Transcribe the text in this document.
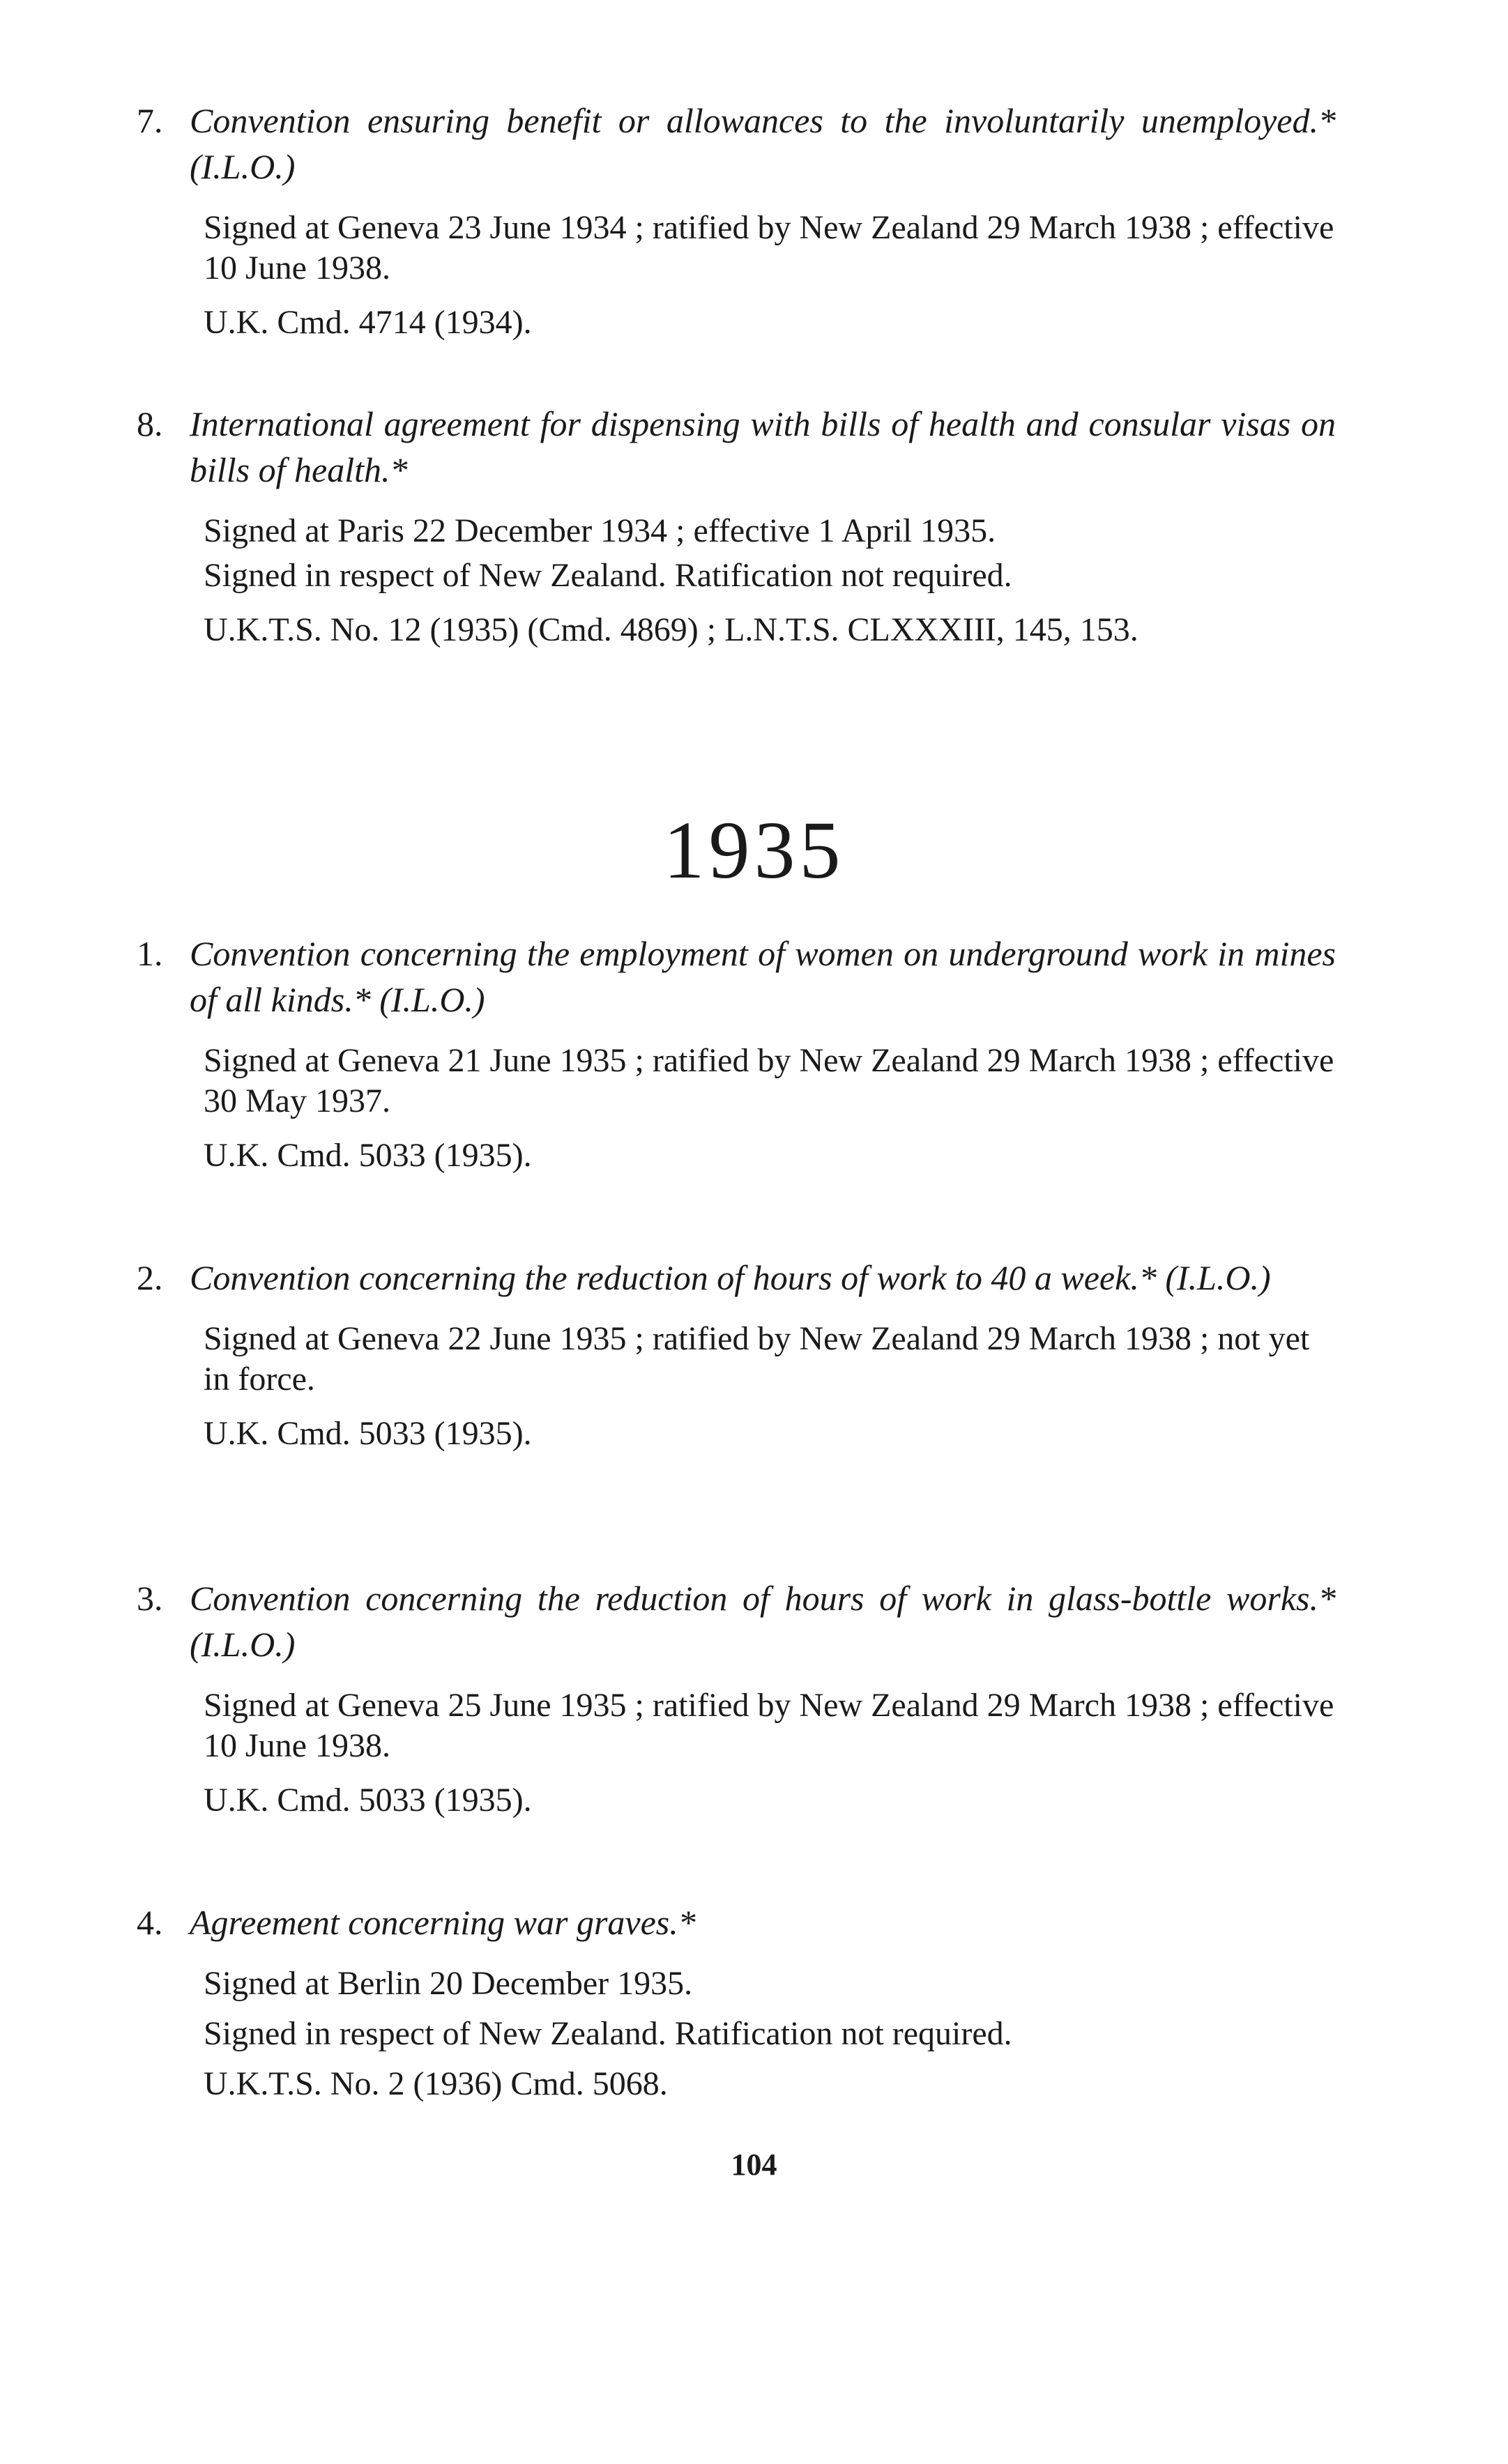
7. Convention ensuring benefit or allowances to the involuntarily unemployed.* (I.L.O.)

Signed at Geneva 23 June 1934 ; ratified by New Zealand 29 March 1938 ; effective 10 June 1938.

U.K. Cmd. 4714 (1934).

8. International agreement for dispensing with bills of health and consular visas on bills of health.*

Signed at Paris 22 December 1934 ; effective 1 April 1935.

Signed in respect of New Zealand. Ratification not required.

U.K.T.S. No. 12 (1935) (Cmd. 4869) ; L.N.T.S. CLXXXIII, 145, 153.

1935
1. Convention concerning the employment of women on underground work in mines of all kinds.* (I.L.O.)

Signed at Geneva 21 June 1935 ; ratified by New Zealand 29 March 1938 ; effective 30 May 1937.

U.K. Cmd. 5033 (1935).

2. Convention concerning the reduction of hours of work to 40 a week.* (I.L.O.)

Signed at Geneva 22 June 1935 ; ratified by New Zealand 29 March 1938 ; not yet in force.

U.K. Cmd. 5033 (1935).

3. Convention concerning the reduction of hours of work in glass-bottle works.* (I.L.O.)

Signed at Geneva 25 June 1935 ; ratified by New Zealand 29 March 1938 ; effective 10 June 1938.

U.K. Cmd. 5033 (1935).

4. Agreement concerning war graves.*

Signed at Berlin 20 December 1935.

Signed in respect of New Zealand. Ratification not required.

U.K.T.S. No. 2 (1936) Cmd. 5068.

104
